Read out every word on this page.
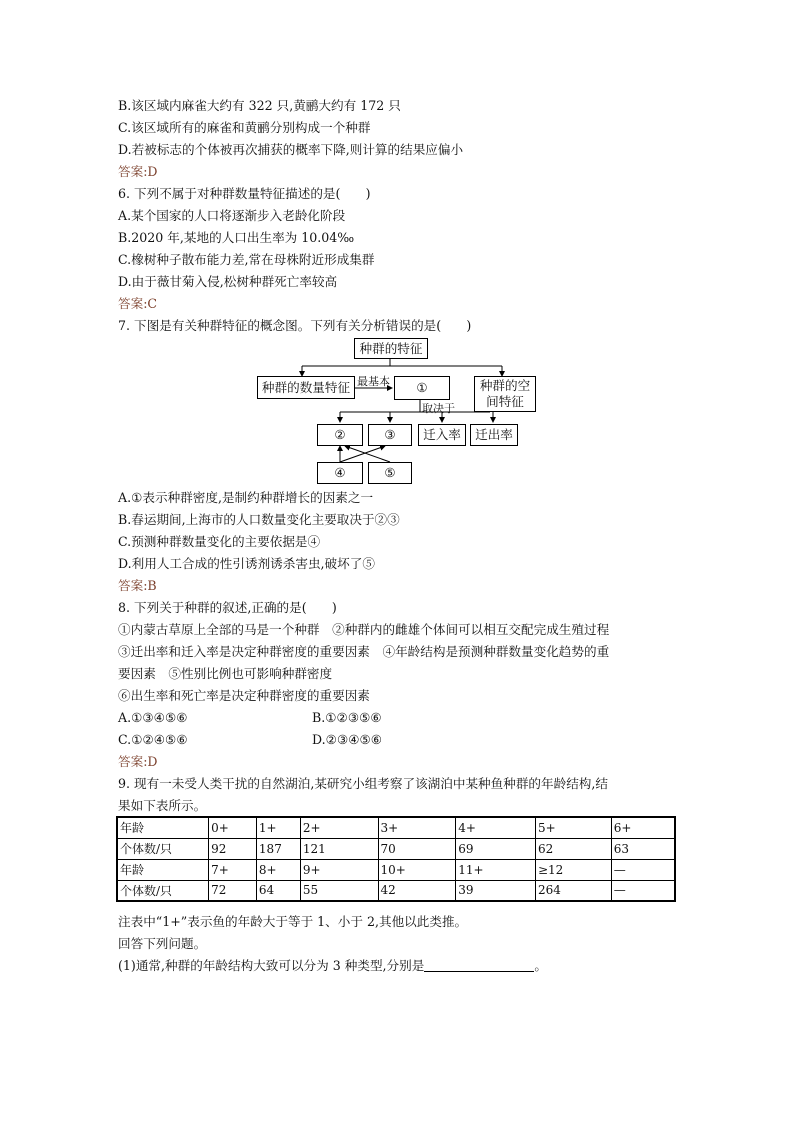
B.该区域内麻雀大约有 322 只,黄鹂大约有 172 只
C.该区域所有的麻雀和黄鹂分别构成一个种群
D.若被标志的个体被再次捕获的概率下降,则计算的结果应偏小
答案:D
6. 下列不属于对种群数量特征描述的是(　　)
A.某个国家的人口将逐渐步入老龄化阶段
B.2020 年,某地的人口出生率为 10.04‰
C.橡树种子散布能力差,常在母株附近形成集群
D.由于薇甘菊入侵,松树种群死亡率较高
答案:C
7. 下图是有关种群特征的概念图。下列有关分析错误的是(　　)
种群的特征
种群的数量特征 最基本	①
取决于
种群的空间特征
②	③	迁入率	迁出率
④	⑤
A.①表示种群密度,是制约种群增长的因素之一
B.春运期间,上海市的人口数量变化主要取决于②③
C.预测种群数量变化的主要依据是④
D.利用人工合成的性引诱剂诱杀害虫,破坏了⑤
答案:B
8. 下列关于种群的叙述,正确的是(　　)
①内蒙古草原上全部的马是一个种群　②种群内的雌雄个体间可以相互交配完成生殖过程
③迁出率和迁入率是决定种群密度的重要因素　④年龄结构是预测种群数量变化趋势的重
要因素　⑤性别比例也可影响种群密度
⑥出生率和死亡率是决定种群密度的重要因素
A.①③④⑤⑥	B.①②③⑤⑥
C.①②④⑤⑥	D.②③④⑤⑥
答案:D
9. 现有一未受人类干扰的自然湖泊,某研究小组考察了该湖泊中某种鱼种群的年龄结构,结
果如下表所示。
年龄	0+	1+	2+	3+	4+	5+	6+
个体数/只	92	187	121	70	69	62	63
年龄	7+	8+	9+	10+	11+	≥12	—
个体数/只	72	64	55	42	39	264	—
注表中“1+”表示鱼的年龄大于等于 1、小于 2,其他以此类推。
回答下列问题。
(1)通常,种群的年龄结构大致可以分为 3 种类型,分别是	。
